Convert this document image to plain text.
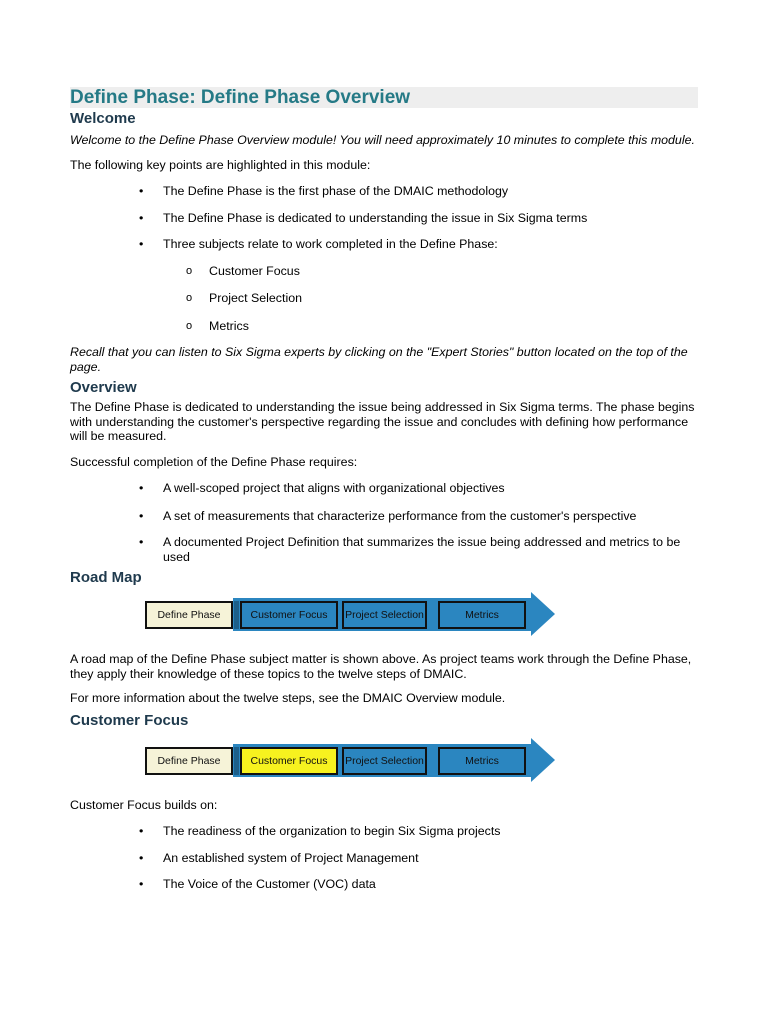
Define Phase: Define Phase Overview
Welcome

Welcome to the Define Phase Overview module! You will need approximately 10 minutes to complete this module.

The following key points are highlighted in this module:

• The Define Phase is the first phase of the DMAIC methodology
• The Define Phase is dedicated to understanding the issue in Six Sigma terms
• Three subjects relate to work completed in the Define Phase:
o Customer Focus
o Project Selection
o Metrics

Recall that you can listen to Six Sigma experts by clicking on the "Expert Stories" button located on the top of the page.

Overview

The Define Phase is dedicated to understanding the issue being addressed in Six Sigma terms. The phase begins with understanding the customer's perspective regarding the issue and concludes with defining how performance will be measured.

Successful completion of the Define Phase requires:

• A well-scoped project that aligns with organizational objectives
• A set of measurements that characterize performance from the customer's perspective
• A documented Project Definition that summarizes the issue being addressed and metrics to be used
Road Map
Define Phase	Customer Focus	Project Selection	Metrics

A road map of the Define Phase subject matter is shown above. As project teams work through the Define Phase, they apply their knowledge of these topics to the twelve steps of DMAIC.

For more information about the twelve steps, see the DMAIC Overview module.

Customer Focus
Define Phase	Customer Focus	Project Selection	Metrics

Customer Focus builds on:

• The readiness of the organization to begin Six Sigma projects
• An established system of Project Management
• The Voice of the Customer (VOC) data
